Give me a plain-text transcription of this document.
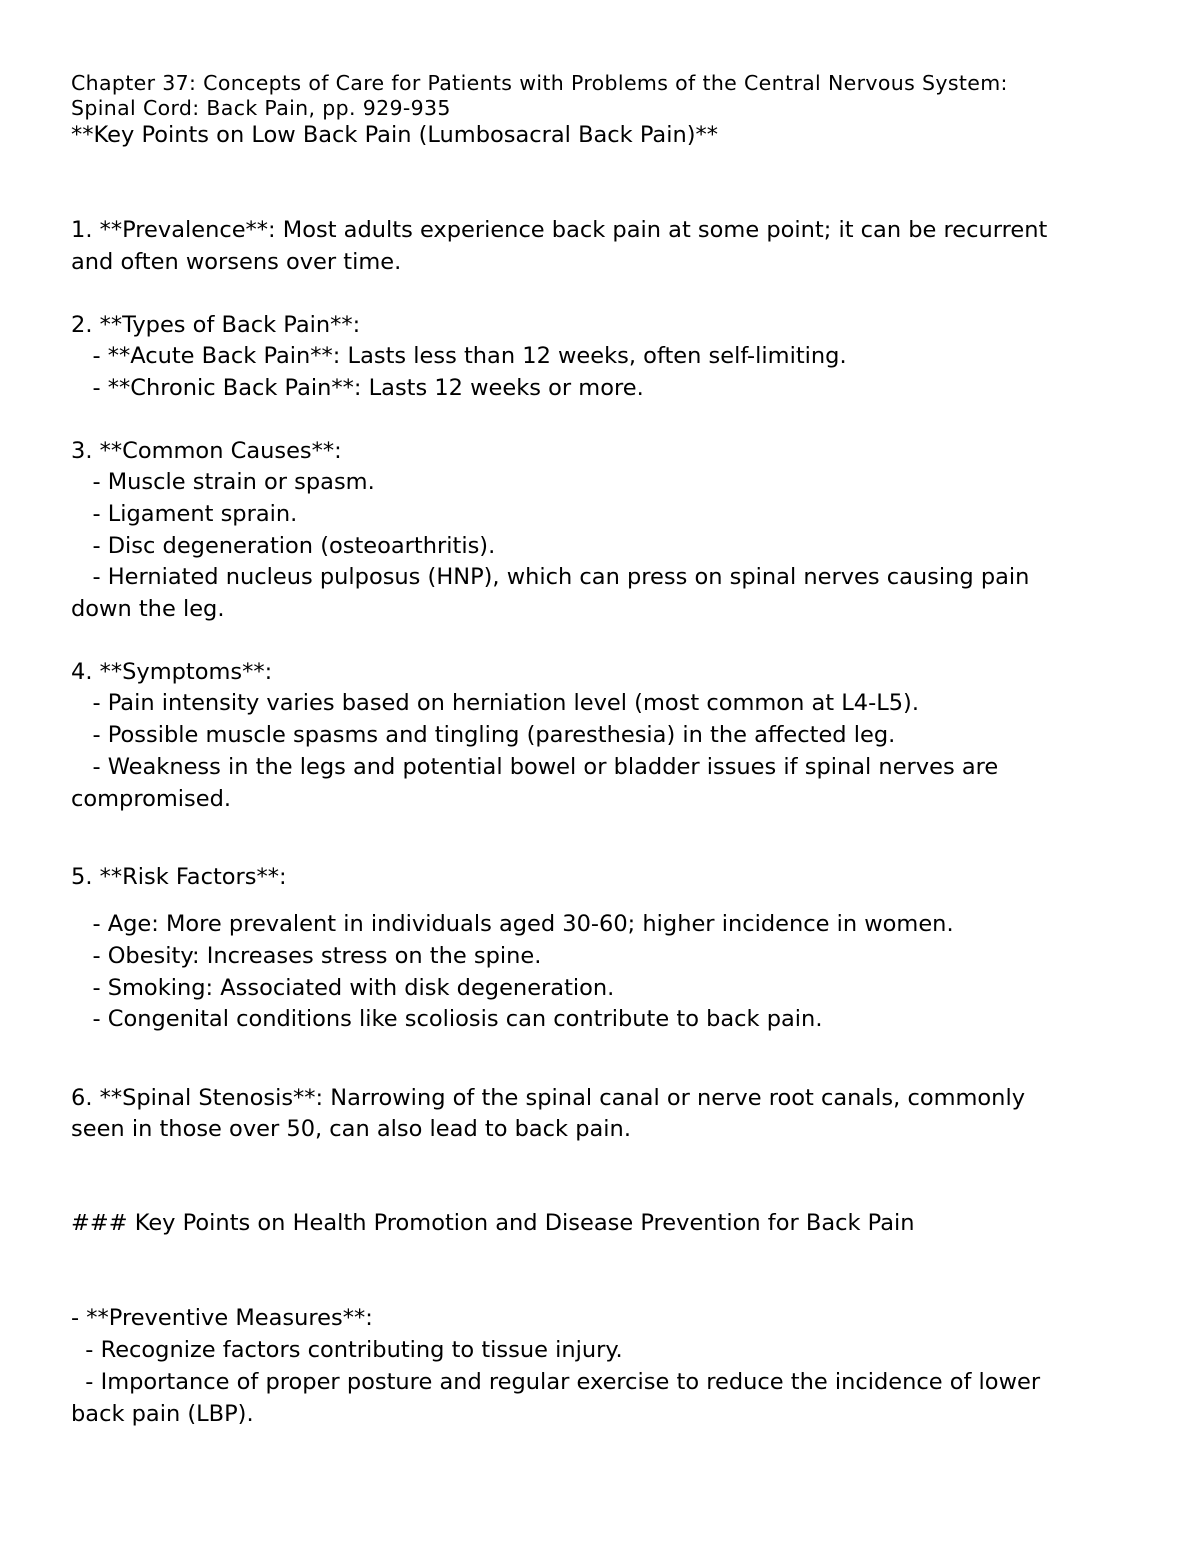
Chapter 37: Concepts of Care for Patients with Problems of the Central Nervous System:

Spinal Cord: Back Pain, pp. 929-935

**Key Points on Low Back Pain (Lumbosacral Back Pain)**

1. **Prevalence**: Most adults experience back pain at some point; it can be recurrent

and often worsens over time.

2. **Types of Back Pain**:

- **Acute Back Pain**: Lasts less than 12 weeks, often self-limiting.

- **Chronic Back Pain**: Lasts 12 weeks or more.

3. **Common Causes**:

- Muscle strain or spasm.

- Ligament sprain.

- Disc degeneration (osteoarthritis).

- Herniated nucleus pulposus (HNP), which can press on spinal nerves causing pain

down the leg.

4. **Symptoms**:

- Pain intensity varies based on herniation level (most common at L4-L5).

- Possible muscle spasms and tingling (paresthesia) in the affected leg.

- Weakness in the legs and potential bowel or bladder issues if spinal nerves are

compromised.

5. **Risk Factors**:

- Age: More prevalent in individuals aged 30-60; higher incidence in women.

- Obesity: Increases stress on the spine.

- Smoking: Associated with disk degeneration.

- Congenital conditions like scoliosis can contribute to back pain.

6. **Spinal Stenosis**: Narrowing of the spinal canal or nerve root canals, commonly

seen in those over 50, can also lead to back pain.

### Key Points on Health Promotion and Disease Prevention for Back Pain

- **Preventive Measures**:

- Recognize factors contributing to tissue injury.

- Importance of proper posture and regular exercise to reduce the incidence of lower

back pain (LBP).
